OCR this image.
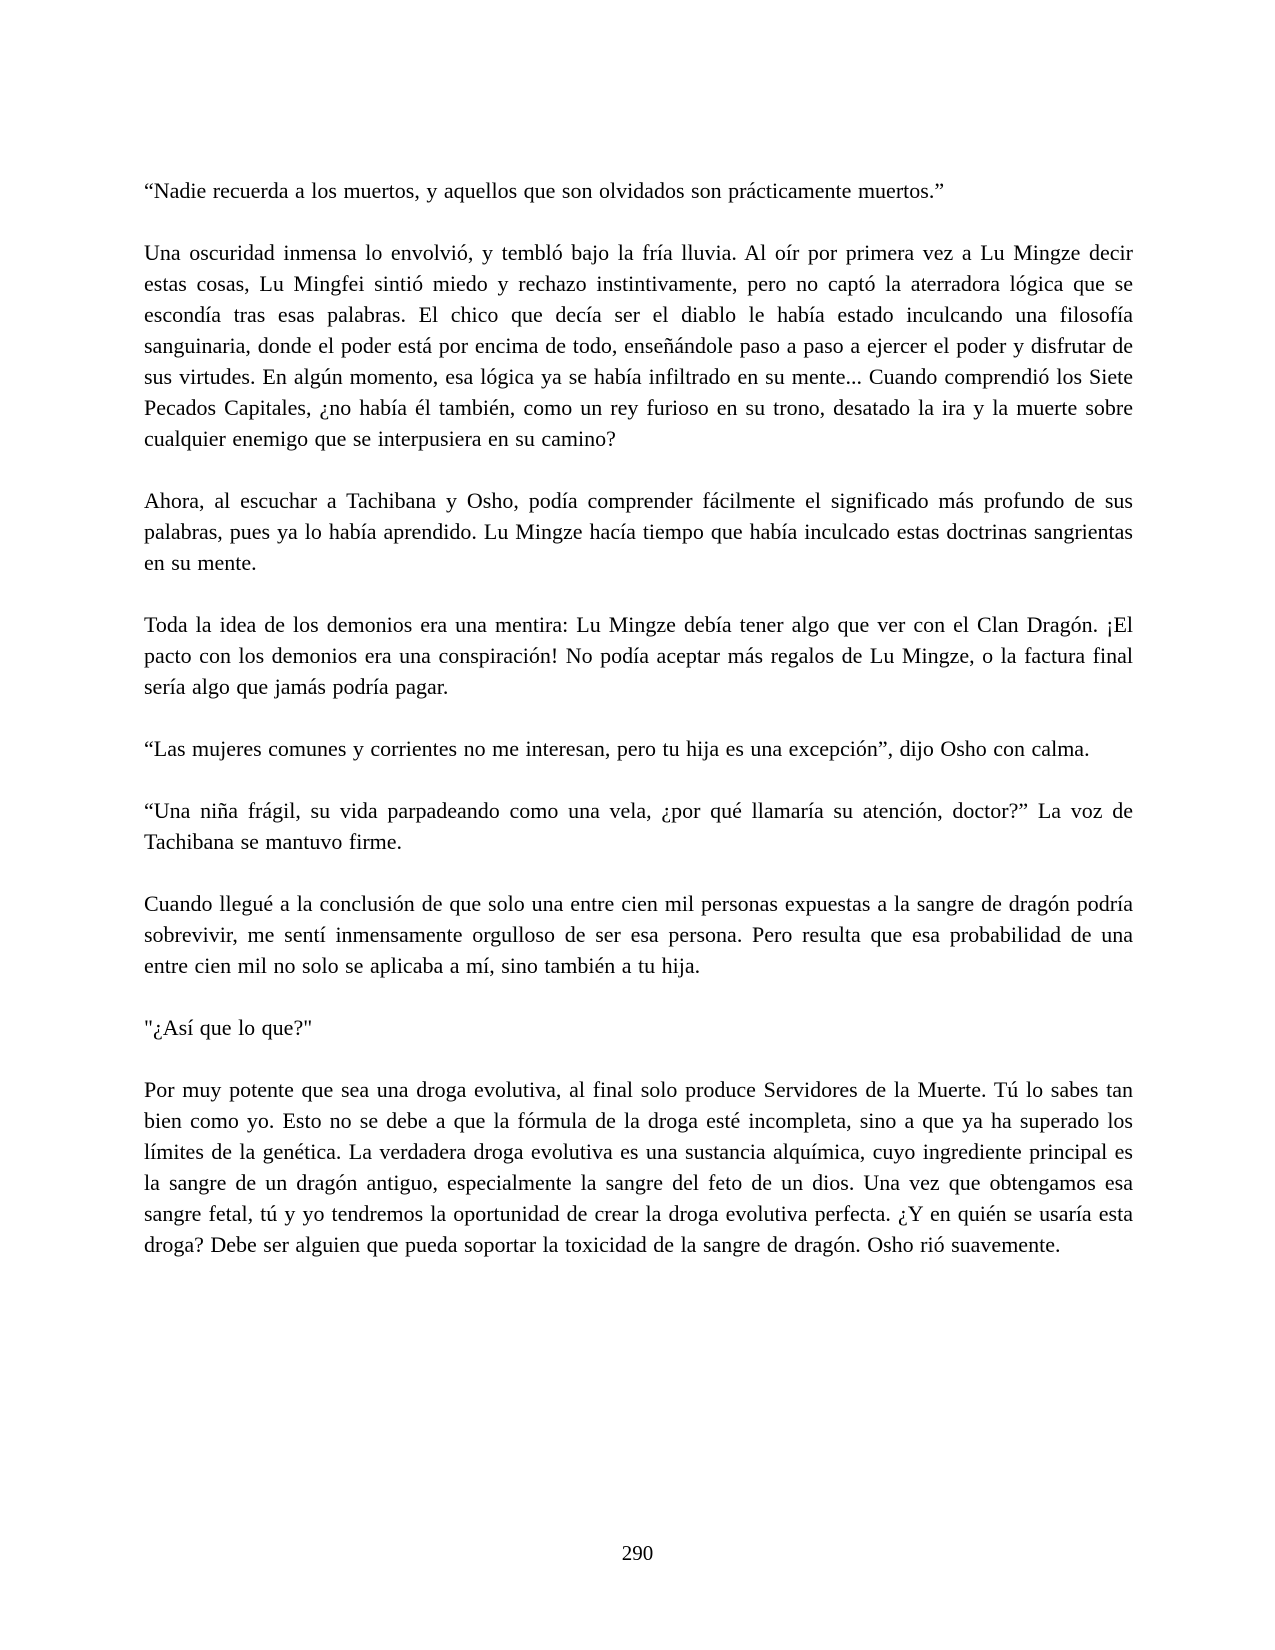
“Nadie recuerda a los muertos, y aquellos que son olvidados son prácticamente muertos.”

Una oscuridad inmensa lo envolvió, y tembló bajo la fría lluvia. Al oír por primera vez a Lu Mingze decir estas cosas, Lu Mingfei sintió miedo y rechazo instintivamente, pero no captó la aterradora lógica que se escondía tras esas palabras. El chico que decía ser el diablo le había estado inculcando una filosofía sanguinaria, donde el poder está por encima de todo, enseñándole paso a paso a ejercer el poder y disfrutar de sus virtudes. En algún momento, esa lógica ya se había infiltrado en su mente... Cuando comprendió los Siete Pecados Capitales, ¿no había él también, como un rey furioso en su trono, desatado la ira y la muerte sobre cualquier enemigo que se interpusiera en su camino?

Ahora, al escuchar a Tachibana y Osho, podía comprender fácilmente el significado más profundo de sus palabras, pues ya lo había aprendido. Lu Mingze hacía tiempo que había inculcado estas doctrinas sangrientas en su mente.

Toda la idea de los demonios era una mentira: Lu Mingze debía tener algo que ver con el Clan Dragón. ¡El pacto con los demonios era una conspiración! No podía aceptar más regalos de Lu Mingze, o la factura final sería algo que jamás podría pagar.

“Las mujeres comunes y corrientes no me interesan, pero tu hija es una excepción”, dijo Osho con calma.

“Una niña frágil, su vida parpadeando como una vela, ¿por qué llamaría su atención, doctor?” La voz de Tachibana se mantuvo firme.

Cuando llegué a la conclusión de que solo una entre cien mil personas expuestas a la sangre de dragón podría sobrevivir, me sentí inmensamente orgulloso de ser esa persona. Pero resulta que esa probabilidad de una entre cien mil no solo se aplicaba a mí, sino también a tu hija.

"¿Así que lo que?"

Por muy potente que sea una droga evolutiva, al final solo produce Servidores de la Muerte. Tú lo sabes tan bien como yo. Esto no se debe a que la fórmula de la droga esté incompleta, sino a que ya ha superado los límites de la genética. La verdadera droga evolutiva es una sustancia alquímica, cuyo ingrediente principal es la sangre de un dragón antiguo, especialmente la sangre del feto de un dios. Una vez que obtengamos esa sangre fetal, tú y yo tendremos la oportunidad de crear la droga evolutiva perfecta. ¿Y en quién se usaría esta droga? Debe ser alguien que pueda soportar la toxicidad de la sangre de dragón. Osho rió suavemente.

290
